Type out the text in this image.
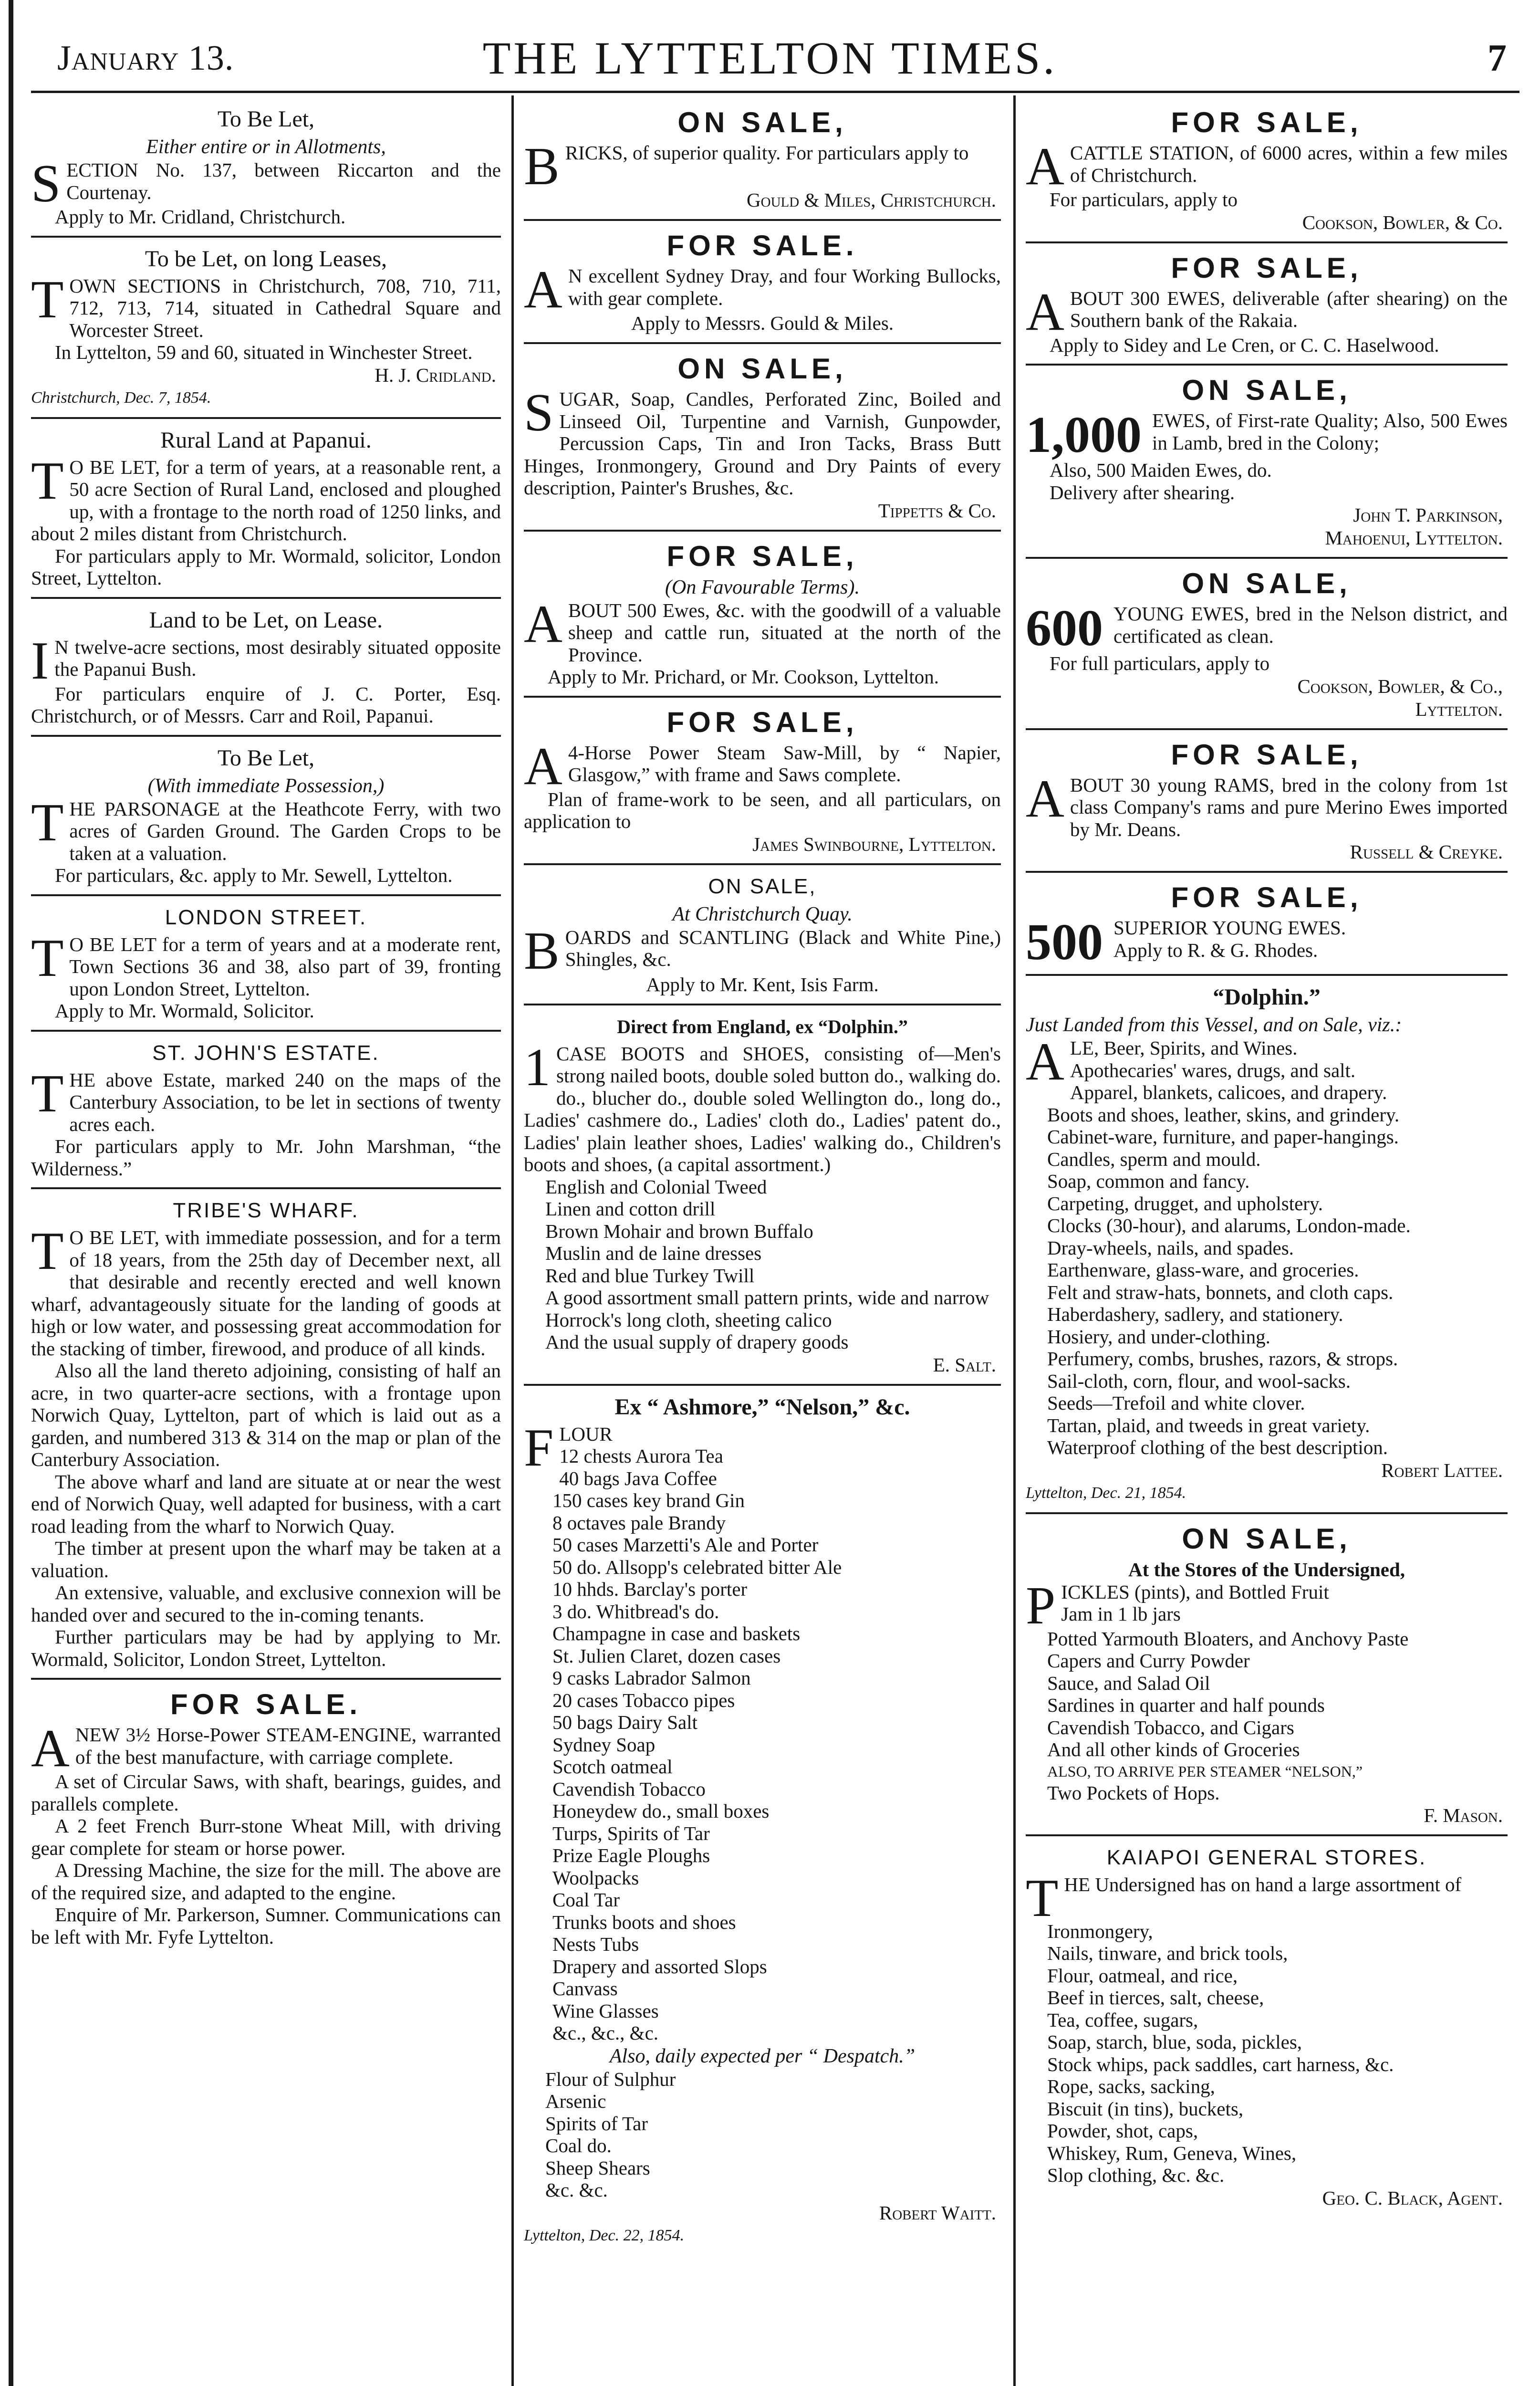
January 13.	THE LYTTELTON TIMES.	7
To Be Let,
Either entire or in Allotments,

SECTION No. 137, between Riccarton and the Courtenay.

Apply to Mr. Cridland, Christchurch.

To be Let, on long Leases,

TOWN SECTIONS in Christchurch, 708, 710, 711, 712, 713, 714, situated in Cathedral Square and Worcester Street.

In Lyttelton, 59 and 60, situated in Winchester Street.

H. J. Cridland.
Christchurch, Dec. 7, 1854.
Rural Land at Papanui.

T O BE LET, for a term of years, at a reasonable rent, a 50 acre Section of Rural Land, enclosed and ploughed up, with a frontage to the north road of 1250 links, and about 2 miles distant from Christchurch.

For particulars apply to Mr. Wormald, solicitor, London Street, Lyttelton.

Land to be Let, on Lease.

I N twelve-acre sections, most desirably situated opposite the Papanui Bush.

For particulars enquire of J. C. Porter, Esq. Christchurch, or of Messrs. Carr and Roil, Papanui.

To Be Let,
(With immediate Possession,)

THE PARSONAGE at the Heathcote Ferry, with two acres of Garden Ground. The Garden Crops to be taken at a valuation.

For particulars, &c. apply to Mr. Sewell, Lyttelton.

LONDON STREET.

T O BE LET for a term of years and at a moderate rent, Town Sections 36 and 38, also part of 39, fronting upon London Street, Lyttelton.

Apply to Mr. Wormald, Solicitor.

ST. JOHN'S ESTATE.

THE above Estate, marked 240 on the maps of the Canterbury Association, to be let in sections of twenty acres each.

For particulars apply to Mr. John Marshman, “the Wilderness.”

TRIBE'S WHARF.

T O BE LET, with immediate possession, and for a term of 18 years, from the 25th day of December next, all that desirable and recently erected and well known wharf, advantageously situate for the landing of goods at high or low water, and possessing great accommodation for the stacking of timber, firewood, and produce of all kinds.

Also all the land thereto adjoining, consisting of half an acre, in two quarter-acre sections, with a frontage upon Norwich Quay, Lyttelton, part of which is laid out as a garden, and numbered 313 & 314 on the map or plan of the Canterbury Association.

The above wharf and land are situate at or near the west end of Norwich Quay, well adapted for business, with a cart road leading from the wharf to Norwich Quay.

The timber at present upon the wharf may be taken at a valuation.

An extensive, valuable, and exclusive connexion will be handed over and secured to the in-coming tenants.

Further particulars may be had by applying to Mr. Wormald, Solicitor, London Street, Lyttelton.

FOR SALE.

ANEW 3½ Horse-Power STEAM-ENGINE, warranted of the best manufacture, with carriage complete.

A set of Circular Saws, with shaft, bearings, guides, and parallels complete.

A 2 feet French Burr-stone Wheat Mill, with driving gear complete for steam or horse power.

A Dressing Machine, the size for the mill. The above are of the required size, and adapted to the engine.

Enquire of Mr. Parkerson, Sumner. Communications can be left with Mr. Fyfe Lyttelton.

ON SALE,

BRICKS, of superior quality. For particulars apply to

Gould & Miles, Christchurch.
FOR SALE.

A N excellent Sydney Dray, and four Working Bullocks, with gear complete.

Apply to Messrs. Gould & Miles.
ON SALE,

SUGAR, Soap, Candles, Perforated Zinc, Boiled and Linseed Oil, Turpentine and Varnish, Gunpowder, Percussion Caps, Tin and Iron Tacks, Brass Butt Hinges, Ironmongery, Ground and Dry Paints of every description, Painter's Brushes, &c.

Tippetts & Co.
FOR SALE,
(On Favourable Terms).

ABOUT 500 Ewes, &c. with the goodwill of a valuable sheep and cattle run, situated at the north of the Province.

Apply to Mr. Prichard, or Mr. Cookson, Lyttelton.

FOR SALE,

A 4-Horse Power Steam Saw-Mill, by “ Napier, Glasgow,” with frame and Saws complete.

Plan of frame-work to be seen, and all particulars, on application to

James Swinbourne, Lyttelton.
ON SALE,
At Christchurch Quay.

BOARDS and SCANTLING (Black and White Pine,) Shingles, &c.

Apply to Mr. Kent, Isis Farm.
Direct from England, ex “Dolphin.”

1 CASE BOOTS and SHOES, consisting of—Men's strong nailed boots, double soled button do., walking do. do., blucher do., double soled Wellington do., long do., Ladies' cashmere do., Ladies' cloth do., Ladies' patent do., Ladies' plain leather shoes, Ladies' walking do., Children's boots and shoes, (a capital assortment.)

English and Colonial Tweed
Linen and cotton drill
Brown Mohair and brown Buffalo
Muslin and de laine dresses
Red and blue Turkey Twill
A good assortment small pattern prints, wide and narrow
Horrock's long cloth, sheeting calico
And the usual supply of drapery goods
E. Salt.
Ex “ Ashmore,” “Nelson,” &c.

FLOUR

12 chests Aurora Tea
40 bags Java Coffee
150 cases key brand Gin
8 octaves pale Brandy
50 cases Marzetti's Ale and Porter
50 do. Allsopp's celebrated bitter Ale
10 hhds. Barclay's porter
3 do. Whitbread's do.
Champagne in case and baskets
St. Julien Claret, dozen cases
9 casks Labrador Salmon
20 cases Tobacco pipes
50 bags Dairy Salt
Sydney Soap
Scotch oatmeal
Cavendish Tobacco
Honeydew do., small boxes
Turps, Spirits of Tar
Prize Eagle Ploughs
Woolpacks
Coal Tar
Trunks boots and shoes
Nests Tubs
Drapery and assorted Slops
Canvass
Wine Glasses
&c., &c., &c.
Also, daily expected per “ Despatch.”
Flour of Sulphur
Arsenic
Spirits of Tar
Coal do.
Sheep Shears
&c. &c.
Robert Waitt.
Lyttelton, Dec. 22, 1854.
FOR SALE,

ACATTLE STATION, of 6000 acres, within a few miles of Christchurch.

For particulars, apply to

Cookson, Bowler, & Co.
FOR SALE,

ABOUT 300 EWES, deliverable (after shearing) on the Southern bank of the Rakaia.

Apply to Sidey and Le Cren, or C. C. Haselwood.

ON SALE,

1,000 EWES, of First-rate Quality; Also, 500 Ewes in Lamb, bred in the Colony;

Also, 500 Maiden Ewes, do.

Delivery after shearing.

John T. Parkinson,
Mahoenui, Lyttelton.
ON SALE,

600 YOUNG EWES, bred in the Nelson district, and certificated as clean.

For full particulars, apply to

Cookson, Bowler, & Co.,
Lyttelton.
FOR SALE,

ABOUT 30 young RAMS, bred in the colony from 1st class Company's rams and pure Merino Ewes imported by Mr. Deans.

Russell & Creyke.
FOR SALE,

500 SUPERIOR YOUNG EWES.
Apply to R. & G. Rhodes.

“Dolphin.”
Just Landed from this Vessel, and on Sale, viz.:

ALE, Beer, Spirits, and Wines.

Apothecaries' wares, drugs, and salt.
Apparel, blankets, calicoes, and drapery.
Boots and shoes, leather, skins, and grindery.
Cabinet-ware, furniture, and paper-hangings.
Candles, sperm and mould.
Soap, common and fancy.
Carpeting, drugget, and upholstery.
Clocks (30-hour), and alarums, London-made.
Dray-wheels, nails, and spades.
Earthenware, glass-ware, and groceries.
Felt and straw-hats, bonnets, and cloth caps.
Haberdashery, sadlery, and stationery.
Hosiery, and under-clothing.
Perfumery, combs, brushes, razors, & strops.
Sail-cloth, corn, flour, and wool-sacks.
Seeds—Trefoil and white clover.
Tartan, plaid, and tweeds in great variety.
Waterproof clothing of the best description.
Robert Lattee.
Lyttelton, Dec. 21, 1854.
ON SALE,
At the Stores of the Undersigned,

PICKLES (pints), and Bottled Fruit
Jam in 1 lb jars

Potted Yarmouth Bloaters, and Anchovy Paste
Capers and Curry Powder
Sauce, and Salad Oil
Sardines in quarter and half pounds
Cavendish Tobacco, and Cigars
And all other kinds of Groceries
ALSO, TO ARRIVE PER STEAMER “NELSON,”
Two Pockets of Hops.
F. Mason.
KAIAPOI GENERAL STORES.

THE Undersigned has on hand a large assortment of

Ironmongery,
Nails, tinware, and brick tools,
Flour, oatmeal, and rice,
Beef in tierces, salt, cheese,
Tea, coffee, sugars,
Soap, starch, blue, soda, pickles,
Stock whips, pack saddles, cart harness, &c.
Rope, sacks, sacking,
Biscuit (in tins), buckets,
Powder, shot, caps,
Whiskey, Rum, Geneva, Wines,
Slop clothing, &c. &c.
Geo. C. Black, Agent.
